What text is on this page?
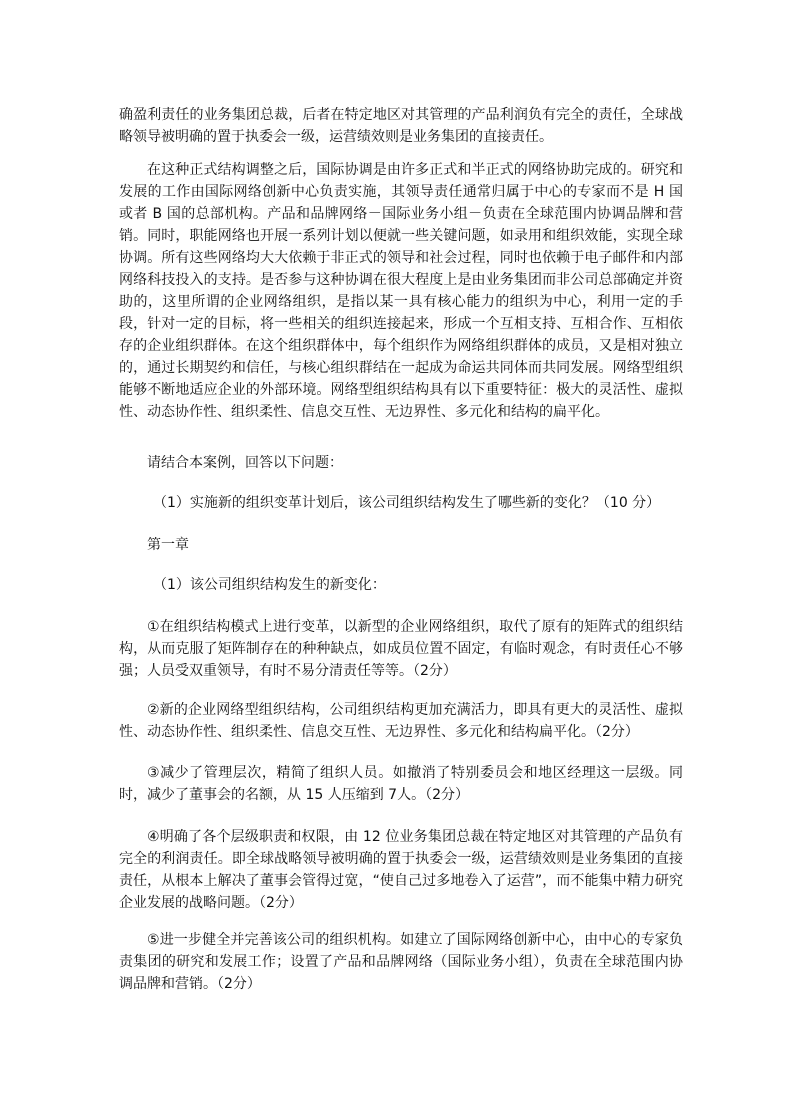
确盈利责任的业务集团总裁，后者在特定地区对其管理的产品利润负有完全的责任，全球战略领导被明确的置于执委会一级，运营绩效则是业务集团的直接责任。

在这种正式结构调整之后，国际协调是由许多正式和半正式的网络协助完成的。研究和发展的工作由国际网络创新中心负责实施，其领导责任通常归属于中心的专家而不是 H 国或者 B 国的总部机构。产品和品牌网络－国际业务小组－负责在全球范围内协调品牌和营销。同时，职能网络也开展一系列计划以便就一些关键问题，如录用和组织效能，实现全球协调。所有这些网络均大大依赖于非正式的领导和社会过程，同时也依赖于电子邮件和内部网络科技投入的支持。是否参与这种协调在很大程度上是由业务集团而非公司总部确定并资助的，这里所谓的企业网络组织，是指以某一具有核心能力的组织为中心，利用一定的手段，针对一定的目标，将一些相关的组织连接起来，形成一个互相支持、互相合作、互相依存的企业组织群体。在这个组织群体中，每个组织作为网络组织群体的成员，又是相对独立的，通过长期契约和信任，与核心组织群结在一起成为命运共同体而共同发展。网络型组织能够不断地适应企业的外部环境。网络型组织结构具有以下重要特征：极大的灵活性、虚拟性、动态协作性、组织柔性、信息交互性、无边界性、多元化和结构的扁平化。

请结合本案例，回答以下问题：

（1）实施新的组织变革计划后，该公司组织结构发生了哪些新的变化？（10 分）

第一章

（1）该公司组织结构发生的新变化：

①在组织结构模式上进行变革，以新型的企业网络组织，取代了原有的矩阵式的组织结构，从而克服了矩阵制存在的种种缺点，如成员位置不固定，有临时观念，有时责任心不够强；人员受双重领导，有时不易分清责任等等。（2分）

②新的企业网络型组织结构，公司组织结构更加充满活力，即具有更大的灵活性、虚拟性、动态协作性、组织柔性、信息交互性、无边界性、多元化和结构扁平化。（2分）

③减少了管理层次，精简了组织人员。如撤消了特别委员会和地区经理这一层级。同时，减少了董事会的名额，从 15 人压缩到 7人。（2分）

④明确了各个层级职责和权限，由 12 位业务集团总裁在特定地区对其管理的产品负有完全的利润责任。即全球战略领导被明确的置于执委会一级，运营绩效则是业务集团的直接责任，从根本上解决了董事会管得过宽，“使自己过多地卷入了运营”，而不能集中精力研究企业发展的战略问题。（2分）

⑤进一步健全并完善该公司的组织机构。如建立了国际网络创新中心，由中心的专家负责集团的研究和发展工作；设置了产品和品牌网络（国际业务小组），负责在全球范围内协调品牌和营销。（2分）
